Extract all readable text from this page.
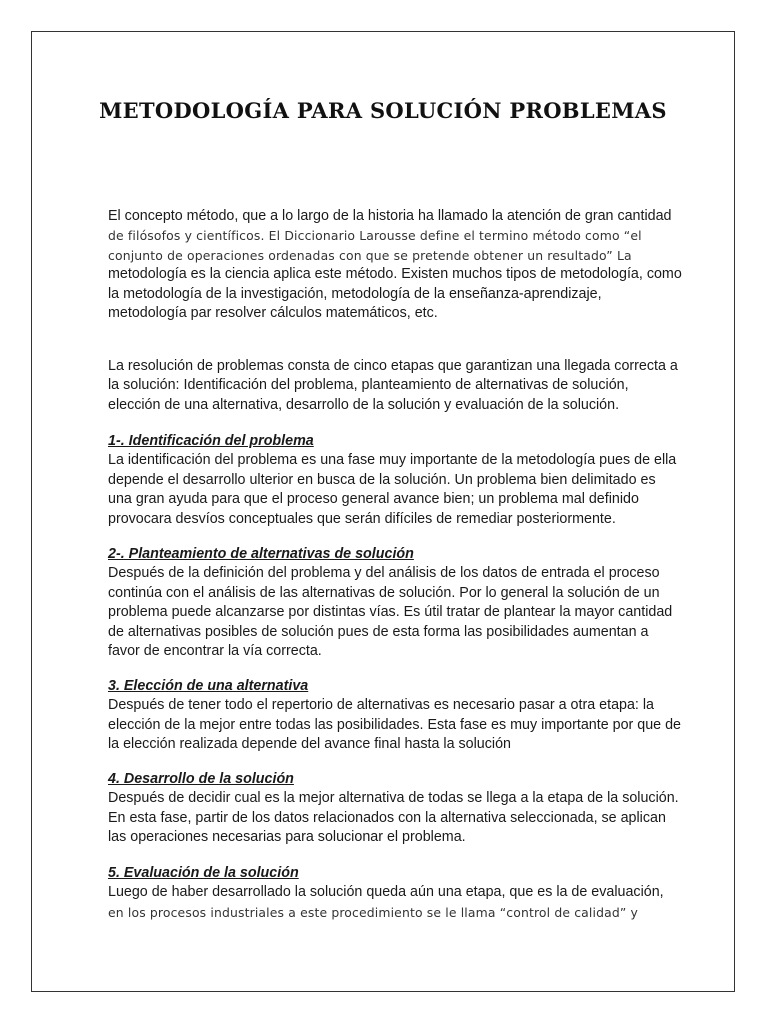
METODOLOGÍA PARA SOLUCIÓN PROBLEMAS

El concepto método, que a lo largo de la historia ha llamado la atención de gran cantidad
de filósofos y científicos. El Diccionario Larousse define el termino método como “el
conjunto de operaciones ordenadas con que se pretende obtener un resultado” La
metodología es la ciencia aplica este método. Existen muchos tipos de metodología, como
la metodología de la investigación, metodología de la enseñanza-aprendizaje,
metodología par resolver cálculos matemáticos, etc.

La resolución de problemas consta de cinco etapas que garantizan una llegada correcta a
la solución: Identificación del problema, planteamiento de alternativas de solución,
elección de una alternativa, desarrollo de la solución y evaluación de la solución.

1-. Identificación del problema
La identificación del problema es una fase muy importante de la metodología pues de ella
depende el desarrollo ulterior en busca de la solución. Un problema bien delimitado es
una gran ayuda para que el proceso general avance bien; un problema mal definido
provocara desvíos conceptuales que serán difíciles de remediar posteriormente.
2-. Planteamiento de alternativas de solución
Después de la definición del problema y del análisis de los datos de entrada el proceso
continúa con el análisis de las alternativas de solución. Por lo general la solución de un
problema puede alcanzarse por distintas vías. Es útil tratar de plantear la mayor cantidad
de alternativas posibles de solución pues de esta forma las posibilidades aumentan a
favor de encontrar la vía correcta.
3. Elección de una alternativa
Después de tener todo el repertorio de alternativas es necesario pasar a otra etapa: la
elección de la mejor entre todas las posibilidades. Esta fase es muy importante por que de
la elección realizada depende del avance final hasta la solución
4. Desarrollo de la solución
Después de decidir cual es la mejor alternativa de todas se llega a la etapa de la solución.
En esta fase, partir de los datos relacionados con la alternativa seleccionada, se aplican
las operaciones necesarias para solucionar el problema.
5. Evaluación de la solución
Luego de haber desarrollado la solución queda aún una etapa, que es la de evaluación,
en los procesos industriales a este procedimiento se le llama “control de calidad” y
